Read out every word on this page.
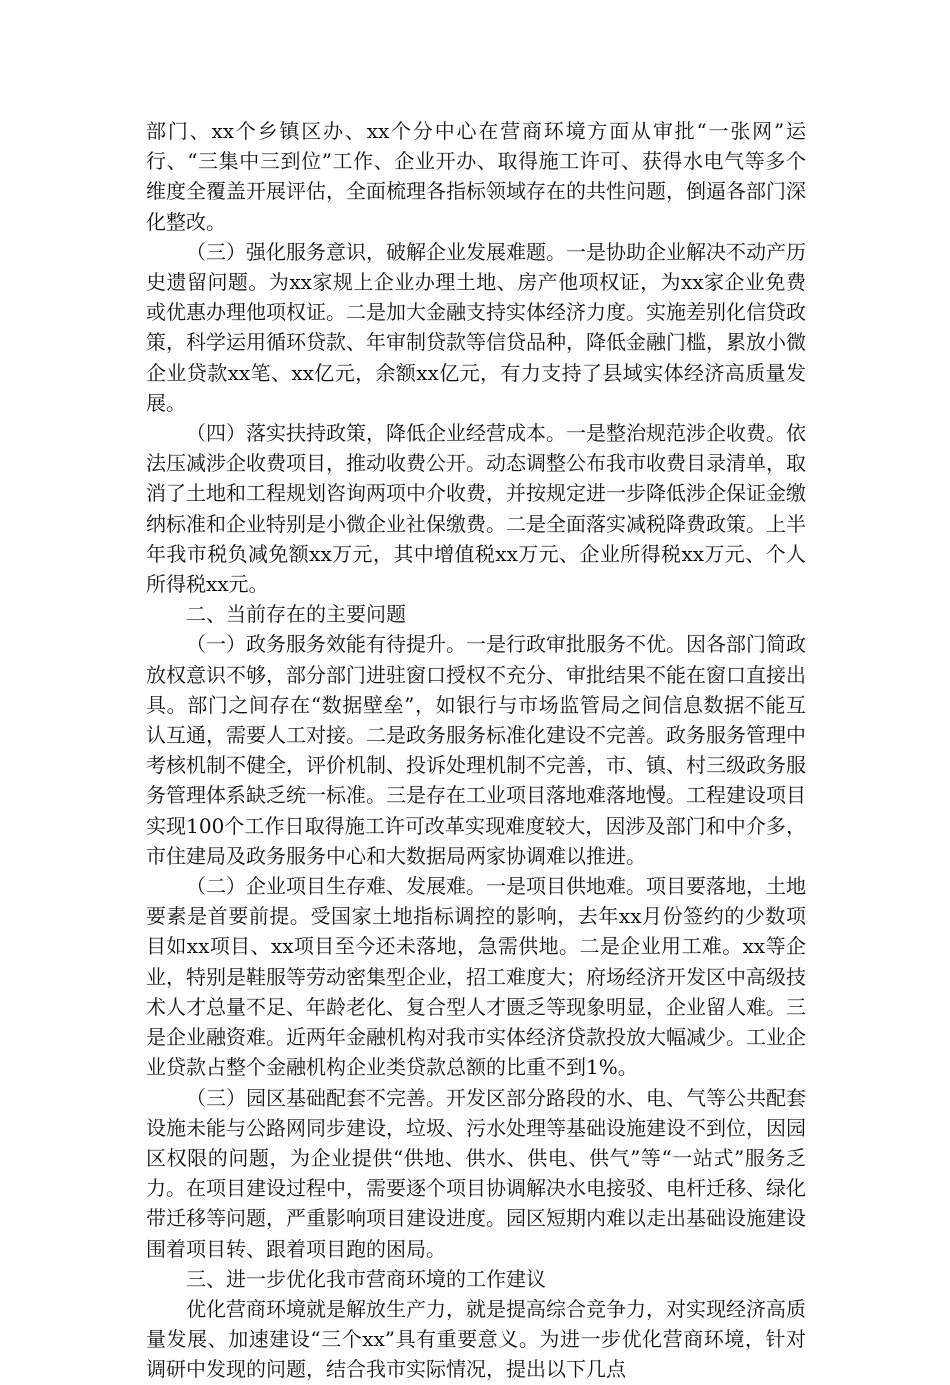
部门、xx个乡镇区办、xx个分中心在营商环境方面从审批“一张网”运行、“三集中三到位”工作、企业开办、取得施工许可、获得水电气等多个维度全覆盖开展评估，全面梳理各指标领域存在的共性问题，倒逼各部门深化整改。

（三）强化服务意识，破解企业发展难题。一是协助企业解决不动产历史遗留问题。为xx家规上企业办理土地、房产他项权证，为xx家企业免费或优惠办理他项权证。二是加大金融支持实体经济力度。实施差别化信贷政策，科学运用循环贷款、年审制贷款等信贷品种，降低金融门槛，累放小微企业贷款xx笔、xx亿元，余额xx亿元，有力支持了县域实体经济高质量发展。

（四）落实扶持政策，降低企业经营成本。一是整治规范涉企收费。依法压减涉企收费项目，推动收费公开。动态调整公布我市收费目录清单，取消了土地和工程规划咨询两项中介收费，并按规定进一步降低涉企保证金缴纳标准和企业特别是小微企业社保缴费。二是全面落实减税降费政策。上半年我市税负减免额xx万元，其中增值税xx万元、企业所得税xx万元、个人所得税xx元。

二、当前存在的主要问题

（一）政务服务效能有待提升。一是行政审批服务不优。因各部门简政放权意识不够，部分部门进驻窗口授权不充分、审批结果不能在窗口直接出具。部门之间存在“数据壁垒”，如银行与市场监管局之间信息数据不能互认互通，需要人工对接。二是政务服务标准化建设不完善。政务服务管理中考核机制不健全，评价机制、投诉处理机制不完善，市、镇、村三级政务服务管理体系缺乏统一标准。三是存在工业项目落地难落地慢。工程建设项目实现100个工作日取得施工许可改革实现难度较大，因涉及部门和中介多，市住建局及政务服务中心和大数据局两家协调难以推进。

（二）企业项目生存难、发展难。一是项目供地难。项目要落地，土地要素是首要前提。受国家土地指标调控的影响，去年xx月份签约的少数项目如xx项目、xx项目至今还未落地，急需供地。二是企业用工难。xx等企业，特别是鞋服等劳动密集型企业，招工难度大；府场经济开发区中高级技术人才总量不足、年龄老化、复合型人才匮乏等现象明显，企业留人难。三是企业融资难。近两年金融机构对我市实体经济贷款投放大幅减少。工业企业贷款占整个金融机构企业类贷款总额的比重不到1%。

（三）园区基础配套不完善。开发区部分路段的水、电、气等公共配套设施未能与公路网同步建设，垃圾、污水处理等基础设施建设不到位，因园区权限的问题，为企业提供“供地、供水、供电、供气”等“一站式”服务乏力。在项目建设过程中，需要逐个项目协调解决水电接驳、电杆迁移、绿化带迁移等问题，严重影响项目建设进度。园区短期内难以走出基础设施建设围着项目转、跟着项目跑的困局。

三、进一步优化我市营商环境的工作建议

优化营商环境就是解放生产力，就是提高综合竞争力，对实现经济高质量发展、加速建设“三个xx”具有重要意义。为进一步优化营商环境，针对调研中发现的问题，结合我市实际情况，提出以下几点
